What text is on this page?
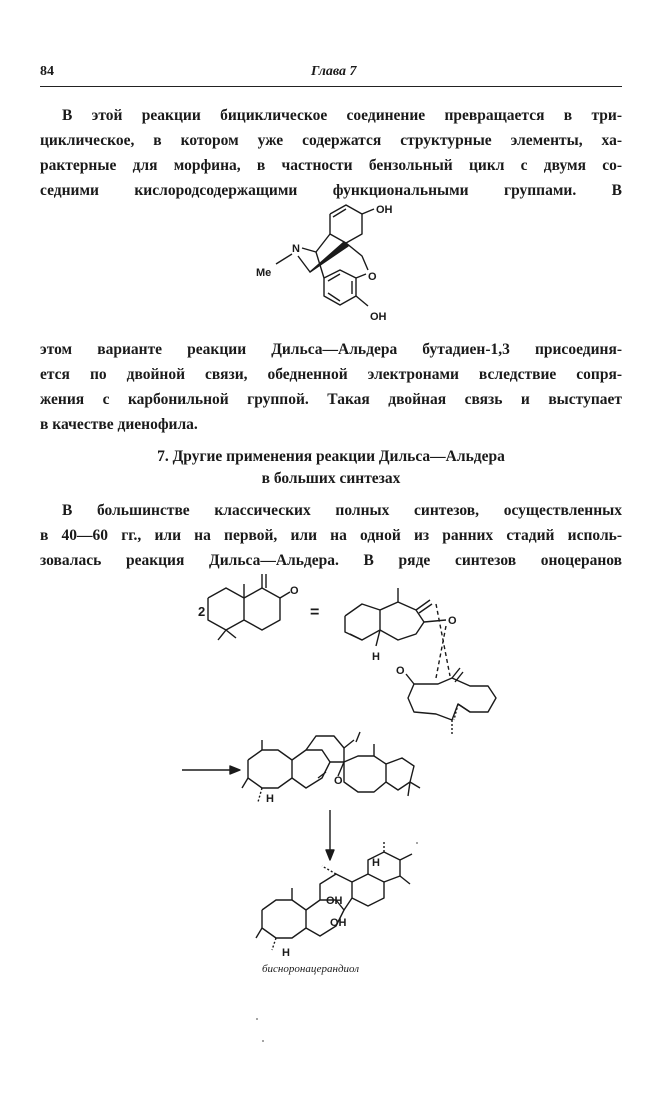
84	Глава 7

В этой реакции бициклическое соединение превращается в три-
циклическое, в котором уже содержатся структурные элементы, ха-
рактерные для морфина, в частности бензольный цикл с двумя со-
седними кислородсодержащими функциональными группами. В

OH
N
Me	O
OH

этом варианте реакции Дильса—Альдера бутадиен-1,3 присоединя-
ется по двойной связи, обедненной электронами вследствие сопря-
жения с карбонильной группой. Такая двойная связь и выступает
в качестве диенофила.

7. Другие применения реакции Дильса—Альдера
в больших синтезах

В большинстве классических полных синтезов, осуществленных
в 40—60 гг., или на первой, или на одной из ранних стадий исполь-
зовалась реакция Дильса—Альдера. В ряде синтезов оноцеранов

2
O
=	O
H
O
O
H
H
OH
OH
H
бисноронацерандиол
